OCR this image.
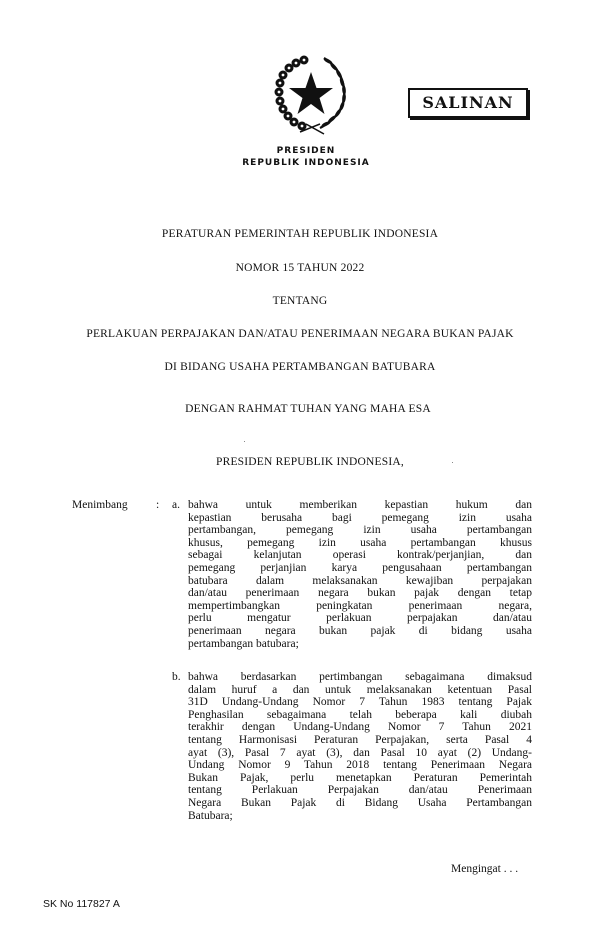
SALINAN
PRESIDEN
REPUBLIK INDONESIA
PERATURAN PEMERINTAH REPUBLIK INDONESIA
NOMOR 15 TAHUN 2022
TENTANG
PERLAKUAN PERPAJAKAN DAN/ATAU PENERIMAAN NEGARA BUKAN PAJAK
DI BIDANG USAHA PERTAMBANGAN BATUBARA
DENGAN RAHMAT TUHAN YANG MAHA ESA
PRESIDEN REPUBLIK INDONESIA,
Menimbang : a. bahwa untuk memberikan kepastian hukum dan
kepastian berusaha bagi pemegang izin usaha
pertambangan, pemegang izin usaha pertambangan
khusus, pemegang izin usaha pertambangan khusus
sebagai kelanjutan operasi kontrak/perjanjian, dan
pemegang perjanjian karya pengusahaan pertambangan
batubara dalam melaksanakan kewajiban perpajakan
dan/atau penerimaan negara bukan pajak dengan tetap
mempertimbangkan peningkatan penerimaan negara,
perlu mengatur perlakuan perpajakan dan/atau
penerimaan negara bukan pajak di bidang usaha
pertambangan batubara;
b. bahwa berdasarkan pertimbangan sebagaimana dimaksud
dalam huruf a dan untuk melaksanakan ketentuan Pasal
31D Undang-Undang Nomor 7 Tahun 1983 tentang Pajak
Penghasilan sebagaimana telah beberapa kali diubah
terakhir dengan Undang-Undang Nomor 7 Tahun 2021
tentang Harmonisasi Peraturan Perpajakan, serta Pasal 4
ayat (3), Pasal 7 ayat (3), dan Pasal 10 ayat (2) Undang-
Undang Nomor 9 Tahun 2018 tentang Penerimaan Negara
Bukan Pajak, perlu menetapkan Peraturan Pemerintah
tentang Perlakuan Perpajakan dan/atau Penerimaan
Negara Bukan Pajak di Bidang Usaha Pertambangan
Batubara;
Mengingat . . .
SK No 117827 A
